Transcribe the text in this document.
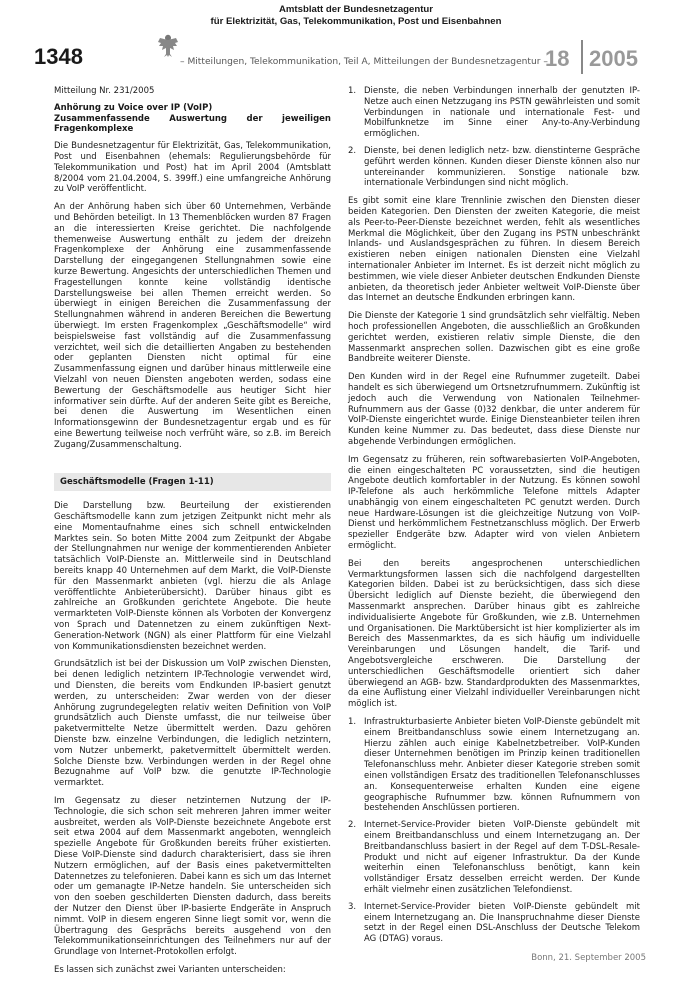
1348
Amtsblatt der Bundesnetzagentur
für Elektrizität, Gas, Telekommunikation, Post und Eisenbahnen
– Mitteilungen, Telekommunikation, Teil A, Mitteilungen der Bundesnetzagentur –
18 2005
Mitteilung Nr. 231/2005
Anhörung zu Voice over IP (VoIP)
Zusammenfassende Auswertung der jeweiligen Fragenkomplexe

Die Bundesnetzagentur für Elektrizität, Gas, Telekommunikation, Post und Eisenbahnen (ehemals: Regulierungsbehörde für Telekommunikation und Post) hat im April 2004 (Amtsblatt 8/2004 vom 21.04.2004, S. 399ff.) eine umfangreiche Anhörung zu VoIP veröffentlicht.

An der Anhörung haben sich über 60 Unternehmen, Verbände und Behörden beteiligt. In 13 Themenblöcken wurden 87 Fragen an die interessierten Kreise gerichtet. Die nachfolgende themenweise Auswertung enthält zu jedem der dreizehn Fragenkomplexe der Anhörung eine zusammenfassende Darstellung der eingegangenen Stellungnahmen sowie eine kurze Bewertung. Angesichts der unterschiedlichen Themen und Fragestellungen konnte keine vollständig identische Darstellungsweise bei allen Themen erreicht werden. So überwiegt in einigen Bereichen die Zusammenfassung der Stellungnahmen während in anderen Bereichen die Bewertung überwiegt. Im ersten Fragenkomplex „Geschäftsmodelle“ wird beispielsweise fast vollständig auf die Zusammenfassung verzichtet, weil sich die detaillierten Angaben zu bestehenden oder geplanten Diensten nicht optimal für eine Zusammenfassung eignen und darüber hinaus mittlerweile eine Vielzahl von neuen Diensten angeboten werden, sodass eine Bewertung der Geschäftsmodelle aus heutiger Sicht hier informativer sein dürfte. Auf der anderen Seite gibt es Bereiche, bei denen die Auswertung im Wesentlichen einen Informationsgewinn der Bundesnetzagentur ergab und es für eine Bewertung teilweise noch verfrüht wäre, so z.B. im Bereich Zugang/Zusammenschaltung.

Geschäftsmodelle (Fragen 1-11)

Die Darstellung bzw. Beurteilung der existierenden Geschäftsmodelle kann zum jetzigen Zeitpunkt nicht mehr als eine Momentaufnahme eines sich schnell entwickelnden Marktes sein. So boten Mitte 2004 zum Zeitpunkt der Abgabe der Stellungnahmen nur wenige der kommentierenden Anbieter tatsächlich VoIP-Dienste an. Mittlerweile sind in Deutschland bereits knapp 40 Unternehmen auf dem Markt, die VoIP-Dienste für den Massenmarkt anbieten (vgl. hierzu die als Anlage veröffentlichte Anbieterübersicht). Darüber hinaus gibt es zahlreiche an Großkunden gerichtete Angebote. Die heute vermarkteten VoIP-Dienste können als Vorboten der Konvergenz von Sprach und Datennetzen zu einem zukünftigen Next-Generation-Network (NGN) als einer Plattform für eine Vielzahl von Kommunikationsdiensten bezeichnet werden.

Grundsätzlich ist bei der Diskussion um VoIP zwischen Diensten, bei denen lediglich netzintern IP-Technologie verwendet wird, und Diensten, die bereits vom Endkunden IP-basiert genutzt werden, zu unterscheiden: Zwar werden von der dieser Anhörung zugrundegelegten relativ weiten Definition von VoIP grundsätzlich auch Dienste umfasst, die nur teilweise über paketvermittelte Netze übermittelt werden. Dazu gehören Dienste bzw. einzelne Verbindungen, die lediglich netzintern, vom Nutzer unbemerkt, paketvermittelt übermittelt werden. Solche Dienste bzw. Verbindungen werden in der Regel ohne Bezugnahme auf VoIP bzw. die genutzte IP-Technologie vermarktet.

Im Gegensatz zu dieser netzinternen Nutzung der IP-Technologie, die sich schon seit mehreren Jahren immer weiter ausbreitet, werden als VoIP-Dienste bezeichnete Angebote erst seit etwa 2004 auf dem Massenmarkt angeboten, wenngleich spezielle Angebote für Großkunden bereits früher existierten. Diese VoIP-Dienste sind dadurch charakterisiert, dass sie ihren Nutzern ermöglichen, auf der Basis eines paketvermittelten Datennetzes zu telefonieren. Dabei kann es sich um das Internet oder um gemanagte IP-Netze handeln. Sie unterscheiden sich von den soeben geschilderten Diensten dadurch, dass bereits der Nutzer den Dienst über IP-basierte Endgeräte in Anspruch nimmt. VoIP in diesem engeren Sinne liegt somit vor, wenn die Übertragung des Gesprächs bereits ausgehend von den Telekommunikationseinrichtungen des Teilnehmers nur auf der Grundlage von Internet-Protokollen erfolgt.

Es lassen sich zunächst zwei Varianten unterscheiden:

1. Dienste, die neben Verbindungen innerhalb der genutzten IP-Netze auch einen Netzzugang ins PSTN gewährleisten und somit Verbindungen in nationale und internationale Fest- und Mobilfunknetze im Sinne einer Any-to-Any-Verbindung ermöglichen.
2. Dienste, bei denen lediglich netz- bzw. dienstinterne Gespräche geführt werden können. Kunden dieser Dienste können also nur untereinander kommunizieren. Sonstige nationale bzw. internationale Verbindungen sind nicht möglich.

Es gibt somit eine klare Trennlinie zwischen den Diensten dieser beiden Kategorien. Den Diensten der zweiten Kategorie, die meist als Peer-to-Peer-Dienste bezeichnet werden, fehlt als wesentliches Merkmal die Möglichkeit, über den Zugang ins PSTN unbeschränkt Inlands- und Auslandsgesprächen zu führen. In diesem Bereich existieren neben einigen nationalen Diensten eine Vielzahl internationaler Anbieter im Internet. Es ist derzeit nicht möglich zu bestimmen, wie viele dieser Anbieter deutschen Endkunden Dienste anbieten, da theoretisch jeder Anbieter weltweit VoIP-Dienste über das Internet an deutsche Endkunden erbringen kann.

Die Dienste der Kategorie 1 sind grundsätzlich sehr vielfältig. Neben hoch professionellen Angeboten, die ausschließlich an Großkunden gerichtet werden, existieren relativ simple Dienste, die den Massenmarkt ansprechen sollen. Dazwischen gibt es eine große Bandbreite weiterer Dienste.

Den Kunden wird in der Regel eine Rufnummer zugeteilt. Dabei handelt es sich überwiegend um Ortsnetzrufnummern. Zukünftig ist jedoch auch die Verwendung von Nationalen Teilnehmer-Rufnummern aus der Gasse (0)32 denkbar, die unter anderem für VoIP-Dienste eingerichtet wurde. Einige Diensteanbieter teilen ihren Kunden keine Nummer zu. Das bedeutet, dass diese Dienste nur abgehende Verbindungen ermöglichen.

Im Gegensatz zu früheren, rein softwarebasierten VoIP-Angeboten, die einen eingeschalteten PC voraussetzten, sind die heutigen Angebote deutlich komfortabler in der Nutzung. Es können sowohl IP-Telefone als auch herkömmliche Telefone mittels Adapter unabhängig von einem eingeschalteten PC genutzt werden. Durch neue Hardware-Lösungen ist die gleichzeitige Nutzung von VoIP-Dienst und herkömmlichem Festnetzanschluss möglich. Der Erwerb spezieller Endgeräte bzw. Adapter wird von vielen Anbietern ermöglicht.

Bei den bereits angesprochenen unterschiedlichen Vermarktungsformen lassen sich die nachfolgend dargestellten Kategorien bilden. Dabei ist zu berücksichtigen, dass sich diese Übersicht lediglich auf Dienste bezieht, die überwiegend den Massenmarkt ansprechen. Darüber hinaus gibt es zahlreiche individualisierte Angebote für Großkunden, wie z.B. Unternehmen und Organisationen. Die Marktübersicht ist hier komplizierter als im Bereich des Massenmarktes, da es sich häufig um individuelle Vereinbarungen und Lösungen handelt, die Tarif- und Angebotsvergleiche erschweren. Die Darstellung der unterschiedlichen Geschäftsmodelle orientiert sich daher überwiegend an AGB- bzw. Standardprodukten des Massenmarktes, da eine Auflistung einer Vielzahl individueller Vereinbarungen nicht möglich ist.

1. Infrastrukturbasierte Anbieter bieten VoIP-Dienste gebündelt mit einem Breitbandanschluss sowie einem Internetzugang an. Hierzu zählen auch einige Kabelnetzbetreiber. VoIP-Kunden dieser Unternehmen benötigen im Prinzip keinen traditionellen Telefonanschluss mehr. Anbieter dieser Kategorie streben somit einen vollständigen Ersatz des traditionellen Telefonanschlusses an. Konsequenterweise erhalten Kunden eine eigene geographische Rufnummer bzw. können Rufnummern von bestehenden Anschlüssen portieren.
2. Internet-Service-Provider bieten VoIP-Dienste gebündelt mit einem Breitbandanschluss und einem Internetzugang an. Der Breitbandanschluss basiert in der Regel auf dem T-DSL-Resale-Produkt und nicht auf eigener Infrastruktur. Da der Kunde weiterhin einen Telefonanschluss benötigt, kann kein vollständiger Ersatz desselben erreicht werden. Der Kunde erhält vielmehr einen zusätzlichen Telefondienst.
3. Internet-Service-Provider bieten VoIP-Dienste gebündelt mit einem Internetzugang an. Die Inanspruchnahme dieser Dienste setzt in der Regel einen DSL-Anschluss der Deutsche Telekom AG (DTAG) voraus.
Bonn, 21. September 2005
